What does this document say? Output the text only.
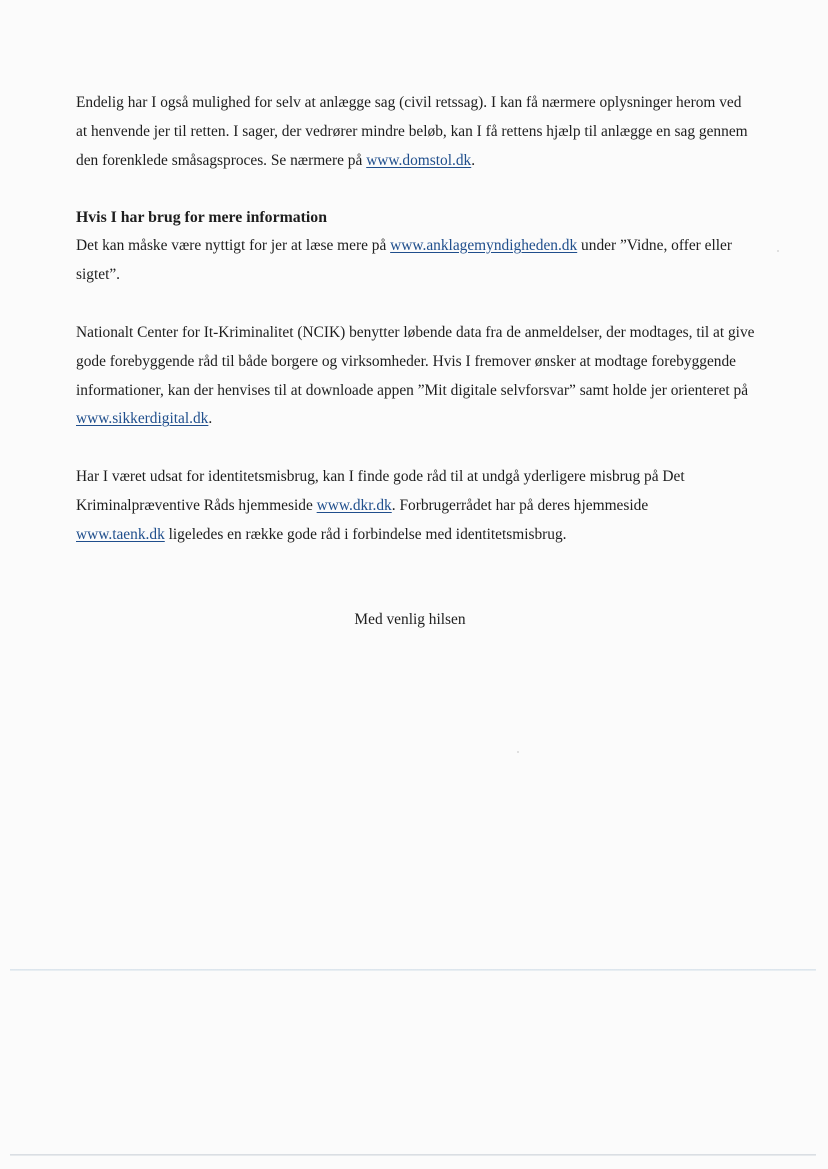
Endelig har I også mulighed for selv at anlægge sag (civil retssag). I kan få nærmere oplysninger herom ved at henvende jer til retten. I sager, der vedrører mindre beløb, kan I få rettens hjælp til anlægge en sag gennem den forenklede småsagsproces. Se nærmere på www.domstol.dk.

Hvis I har brug for mere information

Det kan måske være nyttigt for jer at læse mere på www.anklagemyndigheden.dk under ”Vidne, offer eller sigtet”.

Nationalt Center for It-Kriminalitet (NCIK) benytter løbende data fra de anmeldelser, der modtages, til at give gode forebyggende råd til både borgere og virksomheder. Hvis I fremover ønsker at modtage forebyggende informationer, kan der henvises til at downloade appen ”Mit digitale selvforsvar” samt holde jer orienteret på www.sikkerdigital.dk.

Har I været udsat for identitetsmisbrug, kan I finde gode råd til at undgå yderligere misbrug på Det Kriminalpræventive Råds hjemmeside www.dkr.dk. Forbrugerrådet har på deres hjemmeside
www.taenk.dk ligeledes en række gode råd i forbindelse med identitetsmisbrug.

Med venlig hilsen
